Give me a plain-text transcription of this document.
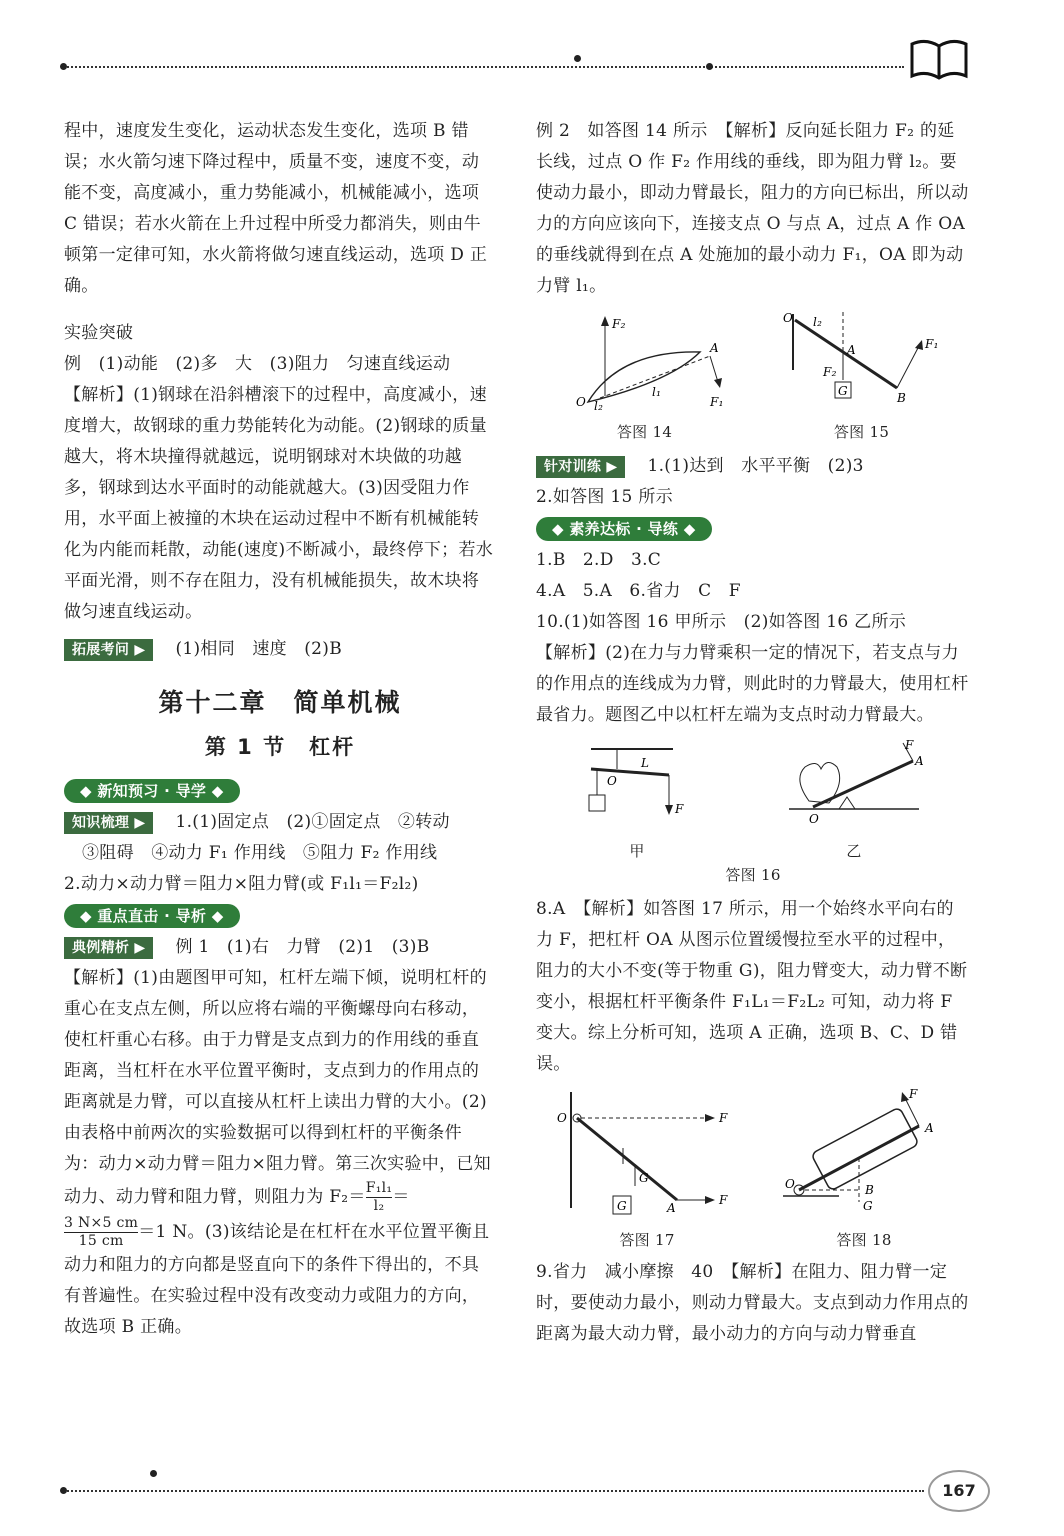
程中，速度发生变化，运动状态发生变化，选项 B 错误；水火箭匀速下降过程中，质量不变，速度不变，动能不变，高度减小，重力势能减小，机械能减小，选项 C 错误；若水火箭在上升过程中所受力都消失，则由牛顿第一定律可知，水火箭将做匀速直线运动，选项 D 正确。

实验突破

例　(1)动能　(2)多　大　(3)阻力　匀速直线运动

【解析】(1)钢球在沿斜槽滚下的过程中，高度减小，速度增大，故钢球的重力势能转化为动能。(2)钢球的质量越大，将木块撞得就越远，说明钢球对木块做的功越多，钢球到达水平面时的动能就越大。(3)因受阻力作用，水平面上被撞的木块在运动过程中不断有机械能转化为内能而耗散，动能(速度)不断减小，最终停下；若水平面光滑，则不存在阻力，没有机械能损失，故木块将做匀速直线运动。

拓展考问 ▶ (1)相同　速度　(2)B

第十二章　简单机械
第 1 节　杠杆
◆ 新知预习 · 导学 ◆

知识梳理 ▶ 1.(1)固定点　(2)①固定点　②转动

③阻碍　④动力 F₁ 作用线　⑤阻力 F₂ 作用线

2.动力×动力臂＝阻力×阻力臂(或 F₁l₁＝F₂l₂)

◆ 重点直击 · 导析 ◆

典例精析 ▶ 例 1　(1)右　力臂　(2)1　(3)B

【解析】(1)由题图甲可知，杠杆左端下倾，说明杠杆的重心在支点左侧，所以应将右端的平衡螺母向右移动，使杠杆重心右移。由于力臂是支点到力的作用线的垂直距离，当杠杆在水平位置平衡时，支点到力的作用点的距离就是力臂，可以直接从杠杆上读出力臂的大小。(2)由表格中前两次的实验数据可以得到杠杆的平衡条件为：动力×动力臂＝阻力×阻力臂。第三次实验中，已知动力、动力臂和阻力臂，则阻力为 $F_2= \frac{\text{F₁l₁}}{\text{l₂}}$ ＝

$\frac{3 N\times 5 cm}{15 cm} =1$ N。(3)该结论是在杠杆在水平位置平衡且动力和阻力的方向都是竖直向下的条件下得出的，不具有普遍性。在实验过程中没有改变动力或阻力的方向，故选项 B 正确。

例 2　如答图 14 所示　【解析】反向延长阻力 F₂ 的延长线，过点 O 作 F₂ 作用线的垂线，即为阻力臂 l₂。要使动力最小，即动力臂最长，阻力的方向已标出，所以动力的方向应该向下，连接支点 O 与点 A，过点 A 作 OA 的垂线就得到在点 A 处施加的最小动力 F₁，OA 即为动力臂 l₁。

F₂
A
O
l₁
F₁
l₂
答图 14
O l₂
A
F₂
G	B
F₁
答图 15

针对训练 ▶ 1.(1)达到　水平平衡　(2)3

2.如答图 15 所示

◆ 素养达标 · 导练 ◆

1.B　2.D　3.C

4.A　5.A　6.省力　C　F

10.(1)如答图 16 甲所示　(2)如答图 16 乙所示

【解析】(2)在力与力臂乘积一定的情况下，若支点与力的作用点的连线成为力臂，则此时的力臂最大，使用杠杆最省力。题图乙中以杠杆左端为支点时动力臂最大。

O
L
F
甲
O
A
F
乙

答图 16

8.A　【解析】如答图 17 所示，用一个始终水平向右的力 F，把杠杆 OA 从图示位置缓慢拉至水平的过程中，阻力的大小不变(等于物重 G)，阻力臂变大，动力臂不断变小，根据杠杆平衡条件 F₁L₁＝F₂L₂ 可知，动力将 F 变大。综上分析可知，选项 A 正确，选项 B、C、D 错误。

O	F
G
A
F
G
答图 17
O	B
G
A
F
答图 18

9.省力　减小摩擦　40　【解析】在阻力、阻力臂一定时，要使动力最小，则动力臂最大。支点到动力作用点的距离为最大动力臂，最小动力的方向与动力臂垂直

167
